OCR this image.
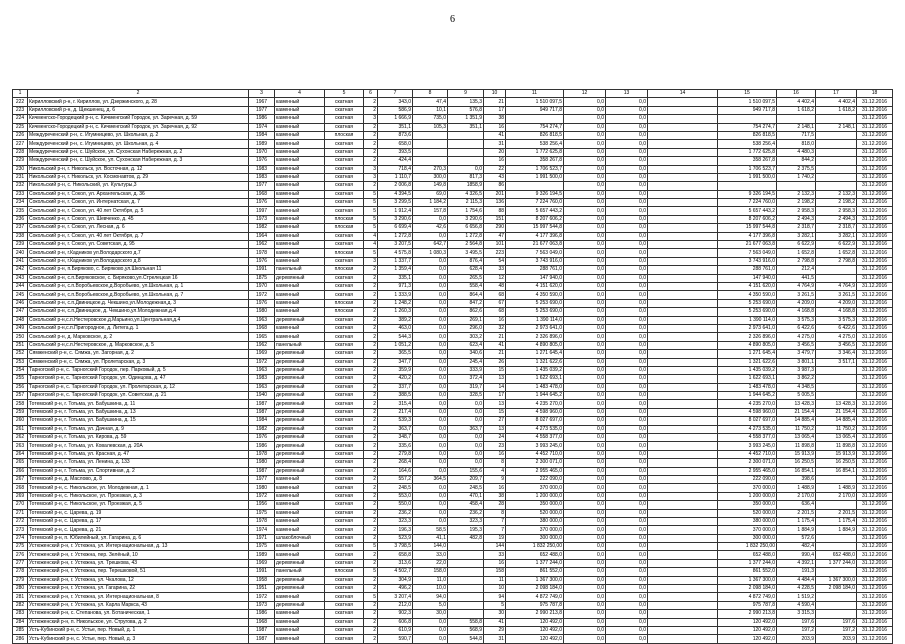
6
1	2	3	4	5	6	7	8	9	10	11	12	13	14	15	16	17	18
222	Кирилловский р-н, г. Кириллов, ул. Дзержинского, д. 28	1967	каменный	скатная	2	343,0	47,4	135,3	21	1 510 097,5	0,0	0,0		1 510 097,5	4 402,4	4 402,4	31.12.2016
223	Кирилловский р-н, д. Щекшенец, д. 6	1977	каменный	скатная	2	586,9	10,1	576,8	17	949 717,8	0,0	0,0		949 717,8	1 618,2	1 618,2	31.12.2016
224	Кичменгско-Городецкий р-н, с. Кичменгский Городок, ул. Заречная, д. 59	1986	каменный	скатная	3	1 666,9	735,0	1 351,9	38		0,0	0,0					31.12.2016
225	Кичменгско-Городецкий р-н, с. Кичменгский Городок, ул. Заречная, д. 92	1974	каменный	скатная	2	351,1	105,3	351,1	16	754 274,7	0,0	0,0		754 274,7	2 148,1	2 148,1	31.12.2016
226	Междуреченский р-н, с. Игумницево, ул. Школьная, д. 2	1984	каменный	плоская	2	873,6			41	826 818,5	0,0	0,0		826 818,5	717,5		31.12.2016
227	Междуреченский р-н, с. Игумницево, ул. Школьная, д. 4	1989	каменный	скатная	2	658,0			31	538 256,4	0,0	0,0		538 256,4	818,0		31.12.2016
228	Междуреченский р-н, с. Шуйское, ул. Сухонская Набережная, д. 2	1970	каменный	скатная	2	393,5			20	1 772 625,8	0,0	0,0		1 772 625,8	4 480,3		31.12.2016
229	Междуреченский р-н, с. Шуйское, ул. Сухонская Набережная, д. 3	1976	каменный	скатная	2	424,4			16	358 267,8	0,0	0,0		358 267,8	844,2		31.12.2016
230	Никольский р-н, г. Никольск, ул. Восточная, д. 12	1983	каменный	скатная	3	718,4	270,3	0,0	22	1 706 523,7	0,0	0,0		1 706 523,7	2 375,5		31.12.2016
231	Никольский р-н, г. Никольск, ул. Космонавтов, д. 29	1983	каменный	скатная	3	1 110,7	300,0	817,3	43	1 991 500,0	0,0	0,0		1 991 500,0	1 740,2		31.12.2016
232	Никольский р-н, с. Никольский, ул. Культуры,3	1977	каменный	скатная	2	2 006,8	149,8	1858,9	86		0,0	0,0					31.12.2016
233	Сокольский р-н, г. Сокол, ул. Архангельская, д. 36	1968	каменный	скатная	5	4 394,5	69,0	4 326,5	201	9 326 194,5	0,0	0,0		9 326 194,5	2 132,3	2 132,3	31.12.2016
234	Сокольский р-н, г. Сокол, ул. Интернатская, д. 7	1976	каменный	скатная	5	3 299,5	1 184,2	2 115,3	136	7 224 760,0	0,0	0,0		7 224 760,0	2 198,2	2 198,2	31.12.2016
235	Сокольский р-н, г. Сокол, ул. 40 лет Октября, д. 5	1997	каменный	скатная	5	1 912,4	157,8	1 754,6	88	5 657 443,2	0,0	0,0		5 657 443,2	2 958,3	2 958,3	31.12.2016
236	Сокольский р-н, г. Сокол, ул. Шевченко, д. 45	1973	каменный	плоская	5	3 290,6	0,0	3 290,6	151	8 207 606,2	0,0	0,0		8 207 606,2	2 494,3	2 494,3	31.12.2016
237	Сокольский р-н, г. Сокол, ул. Лесная, д. 6	1982	каменный	плоская	5	6 699,4	42,6	6 656,8	290	15 997 544,8	0,0	0,0		15 997 544,8	2 318,7	2 318,7	31.12.2016
238	Сокольский р-н, г. Сокол, ул. 40 лет Октября, д. 7	1964	каменный	скатная	4	1 272,8	0,0	1 272,8	47	4 177 396,8	0,0	0,0		4 177 396,8	3 282,1	3 282,1	31.12.2016
239	Сокольский р-н, г. Сокол, ул. Советская, д. 95	1962	каменный	скатная	4	3 207,5	642,7	2 564,8	101	21 677 063,8	0,0	0,0		21 677 063,8	6 622,9	6 622,9	31.12.2016
240	Сокольский р-н, г.Кадников ул.Володарского д.7	1978	каменный	плоская	5	4 575,8	1 080,3	3 495,5	223	7 563 049,0	0,0	0,0		7 563 049,0	1 652,8	1 652,8	31.12.2016
241	Сокольский р-н, г.Кадников ул.Володарского д.8	1976	каменный	скатная	3	1 337,7	0,0	876,4	54	3 743 916,0	0,0	0,0		3 743 916,0	2 798,8	2 798,8	31.12.2016
242	Сокольский р-н, п.Биряково, с. Биряково,ул.Школьная 11	1991	панельный	плоская	2	1 359,4	0,0	628,4	33	288 761,0	0,0	0,0		288 761,0	212,4		31.12.2016
243	Сокольский р-н, с.п.Биряковское, с. Биряково,ул.Стрелецкая 16	1875	деревянный	скатная	2	335,1	0,0	265,5	12	147 940,0	0,0	0,0		147 940,0	441,5		31.12.2016
244	Сокольский р-н, с.п.Воробьевское,д.Воробьево, ул.Школьная, д. 1	1970	каменный	скатная	2	971,3	0,0	558,4	48	4 151 620,0	0,0	0,0		4 151 620,0	4 764,9	4 764,9	31.12.2016
245	Сокольский р-н, с.п.Воробьевское,д.Воробьево, ул.Школьная, д. 7	1972	каменный	скатная	2	1 333,9	0,0	864,4	68	4 350 590,0	0,0	0,0		4 350 590,0	3 261,5	3 261,5	31.12.2016
246	Сокольский р-н, с.п.Двиницкое,д. Чекшино,ул.Молодежная,д. 3	1976	каменный	плоская	2	1 248,2	0,0	847,2	67	5 253 690,0	0,0	0,0		5 253 690,0	4 209,0	4 209,0	31.12.2016
247	Сокольский р-н, с.п.Двиницкое, д. Чекшино,ул.Молодежная,д.4	1980	каменный	плоская	2	1 260,3	0,0	862,6	68	5 253 690,0	0,0	0,0		5 253 690,0	4 168,8	4 168,8	31.12.2016
248	Сокольский р-н,с.п.Нестеровское,д.Марьино,ул.Центральная,д.4	1963	деревянный	скатная	2	389,2	0,0	269,1	16	1 390 114,0	0,0	0,0		1 390 114,0	3 575,3	3 575,3	31.12.2016
249	Сокольский р-н,с.п.Пригородное, д. Литега,д. 1	1968	каменный	скатная	2	463,0	0,0	296,0	32	2 973 641,0	0,0	0,0		2 973 641,0	6 422,6	6 422,6	31.12.2016
250	Сокольский р-н, д. Марковское, д. 2	1965	каменный	скатная	2	544,3	0,0	303,2	21	2 326 896,0	0,0	0,0		2 326 896,0	4 275,0	4 275,0	31.12.2016
251	Сокольский р-н,с.п.Нестеровское, д. Марковское, д. 5	1962	панельный	скатная	2	1 051,2	0,0	623,4	41	4 890 805,0	0,0	0,0		4 890 805,0	3 456,5	3 456,5	31.12.2016
252	Сямженский р-н, с. Сямжа, ул. Загорная, д. 2	1969	деревянный	скатная	2	365,5	0,0	340,6	21	1 271 645,4	0,0	0,0		1 271 645,4	3 479,7	3 346,4	31.12.2016
253	Сямженский р-н, с. Сямжа, ул. Пролетарская, д. 3	1972	деревянный	скатная	2	347,7	0,0	245,4	26	1 321 622,6	0,0	0,0		1 321 622,6	3 801,1	3 517,1	31.12.2016
254	Тарногский р-н, с. Тарногский Городок, пер. Парковый, д. 5	1963	деревянный	скатная	2	359,9	0,0	333,9	15	1 435 039,2	0,0	0,0		1 435 039,2	3 987,3		31.12.2016
255	Тарногский р-н, с. Тарногский Городок, ул. Одинцова, д. 47	1983	деревянный	скатная	2	420,2	0,0	372,4	13	1 622 693,1	0,0	0,0		1 622 693,1	3 862,2		31.12.2016
256	Тарногский р-н, с. Тарногский Городок, ул. Пролетарская, д. 12	1963	деревянный	скатная	2	337,7	0,0	319,7	14	1 483 478,0	0,0	0,0		1 483 478,0	4 348,5		31.12.2016
257	Тарногский р-н, с. Тарногский Городок, ул. Советская, д. 21	1940	деревянный	скатная	2	388,5	0,0	328,5	17	1 944 645,2	0,0	0,0		1 944 645,2	5 005,5		31.12.2016
258	Тотемский р-н, г. Тотьма, ул. Бабушкина, д. 11	1987	деревянный	скатная	2	315,4	0,0	0,0	13	4 235 270,0	0,0	0,0		4 235 270,0	13 428,3	13 428,3	31.12.2016
259	Тотемский р-н, г. Тотьма, ул. Бабушкина, д. 13	1987	деревянный	скатная	2	217,4	0,0	0,0	15	4 598 960,0	0,0	0,0		4 598 960,0	21 154,4	21 154,4	31.12.2016
260	Тотемский р-н, г. Тотьма, ул. Бабушкина, д. 15	1984	деревянный	скатная	2	539,3	0,0	0,0	27	8 027 697,0	0,0	0,0		8 027 697,0	14 885,4	14 885,4	31.12.2016
261	Тотемский р-н, г. Тотьма, ул. Дачная, д. 9	1982	деревянный	скатная	2	363,7	0,0	363,7	13	4 273 535,0	0,0	0,0		4 273 535,0	11 750,2	11 750,2	31.12.2016
262	Тотемский р-н, г. Тотьма, ул. Кирова, д. 59	1976	деревянный	скатная	2	348,7	0,0	0,0	24	4 558 377,0	0,0	0,0		4 558 377,0	13 065,4	13 065,4	31.12.2016
263	Тотемский р-н, г. Тотьма, ул. Ковалевская, д. 20А	1986	деревянный	скатная	2	335,6	0,0	0,0	23	3 993 245,0	0,0	0,0		3 993 245,0	11 898,8	11 898,8	31.12.2016
264	Тотемский р-н, г. Тотьма, ул. Красная, д. 47	1978	деревянный	скатная	2	279,8	0,0	0,0	16	4 452 710,0	0,0	0,0		4 452 710,0	15 913,9	15 913,9	31.12.2016
265	Тотемский р-н, г. Тотьма, ул. Ленина, д. 133	1980	деревянный	скатная	2	268,4	0,0	0,0	8	2 300 071,0	0,0	0,0		2 300 071,0	16 250,5	16 250,5	31.12.2016
266	Тотемский р-н, г. Тотьма, ул. Спортивная, д. 2	1987	деревянный	скатная	2	164,6	0,0	155,6	4	2 955 465,0	0,0	0,0		2 955 465,0	16 854,1	16 854,1	31.12.2016
267	Тотемский р-н, д. Маслово, д. 8	1977	каменный	скатная	2	557,2	364,5	209,7	9	222 090,0	0,0	0,0		222 090,0	398,6		31.12.2016
268	Тотемский р-н, с. Никольское, ул. Молодежная, д. 1	1980	каменный	скатная	2	248,5	0,0	248,5	16	370 000,0	0,0	0,0		370 000,0	1 488,9	1 488,9	31.12.2016
269	Тотемский р-н, с. Никольское, ул. Проезжая, д. 3	1972	каменный	скатная	2	553,0	0,0	470,1	38	1 200 000,0	0,0	0,0		1 200 000,0	2 170,0	2 170,0	31.12.2016
270	Тотемский р-н, с. Никольское, ул. Проезжая, д. 5	1956	каменный	скатная	2	550,0	0,0	458,4	28	350 000,0	0,0	0,0		350 000,0	636,4		31.12.2016
271	Тотемский р-н, с. Царева, д. 19	1975	каменный	скатная	2	236,2	0,0	236,2	8	520 000,0	0,0	0,0		520 000,0	2 201,5	2 201,5	31.12.2016
272	Тотемский р-н, с. Царева, д. 17	1978	каменный	скатная	2	323,3	0,0	323,3	7	380 000,0	0,0	0,0		380 000,0	1 175,4	1 175,4	31.12.2016
273	Тотемский р-н, с. Царева, д. 21	1974	каменный	скатная	2	196,3	58,5	195,3	7	370 000,0	0,0	0,0		370 000,0	1 884,9	1 884,9	31.12.2016
274	Тотемский р-н, п. Юбилейный, ул. Гагарина, д. 6	1971	шлакоблочный	скатная	2	523,9	41,1	482,8	19	300 000,0	0,0	0,0		300 000,0	572,6		31.12.2016
275	Устюженский р-н, г. Устюжна, ул. Интернациональная, д. 13	1975	каменный	скатная	5	3 798,5	144,0		144	1 832 250,00	0,0	0,0		1 832 250,00	482,4		31.12.2016
276	Устюженский р-н, г. Устюжна, пер. Зелёный, 10	1989	каменный	скатная	2	658,8	33,0		33	652 488,0	0,0	0,0		652 488,0	990,4	652 488,0	31.12.2016
277	Устюженский р-н, г. Устюжна, ул. Трешкова, 43	1969	деревянный	скатная	2	313,6	22,0		16	1 377 244,0	0,0	0,0		1 377 244,0	4 392,1	1 377 244,0	31.12.2016
278	Устюженский р-н, г. Устюжна, пер. Терешковой, 51	1991	панельный	плоская	5	4 502,7	158,0		158	861 552,0	0,0	0,0		861 552,0	191,3		31.12.2016
279	Устюженский р-н, г. Устюжна, ул. Чкалова, 12	1958	деревянный	скатная	2	304,9	11,0		11	1 367 300,0	0,0	0,0		1 367 300,0	4 484,4	1 367 300,0	31.12.2016
280	Устюженский р-н, г. Устюжна, ул. Гагарина, 22	1951	деревянный	скатная	2	496,2	10,0		10	2 098 184,0	0,0	0,0		2 098 184,0	4 228,5	2 098 184,0	31.12.2016
281	Устюженский р-н, г. Устюжна, ул. Интернациональная, 8	1972	каменный	скатная	5	3 207,4	94,0		94	4 872 749,0	0,0	0,0		4 872 749,0	1 519,2		31.12.2016
282	Устюженский р-н, г. Устюжна, ул. Карла Маркса, 43	1973	деревянный	скатная	2	212,0	5,0		5	975 787,8	0,0	0,0		975 787,8	4 590,4		31.12.2016
283	Устюженский р-н, с. Степанова, ул. Ботаническая, 1	1986	каменный	скатная	2	902,3	30,0		30	2 990 213,8	0,0	0,0		2 990 213,8	3 315,3		31.12.2016
284	Устюженский р-н, п. Никольское, ул. Стругова, д. 2	1968	каменный	скатная	2	606,8	0,0	558,8	41	120 492,0	0,0	0,0		120 492,0	197,6	197,6	31.12.2016
285	Усть-Кубинский р-н, с. Устье, пер. Новый, д. 1	1987	каменный	скатная	2	610,9	0,0	568,9	29	120 492,0	0,0	0,0		120 492,0	197,2	197,2	31.12.2016
286	Усть-Кубинский р-н, с. Устье, пер. Новый, д. 3	1987	каменный	скатная	2	590,7	0,0	544,8	31	120 492,0	0,0	0,0		120 492,0	203,9	203,9	31.12.2016
